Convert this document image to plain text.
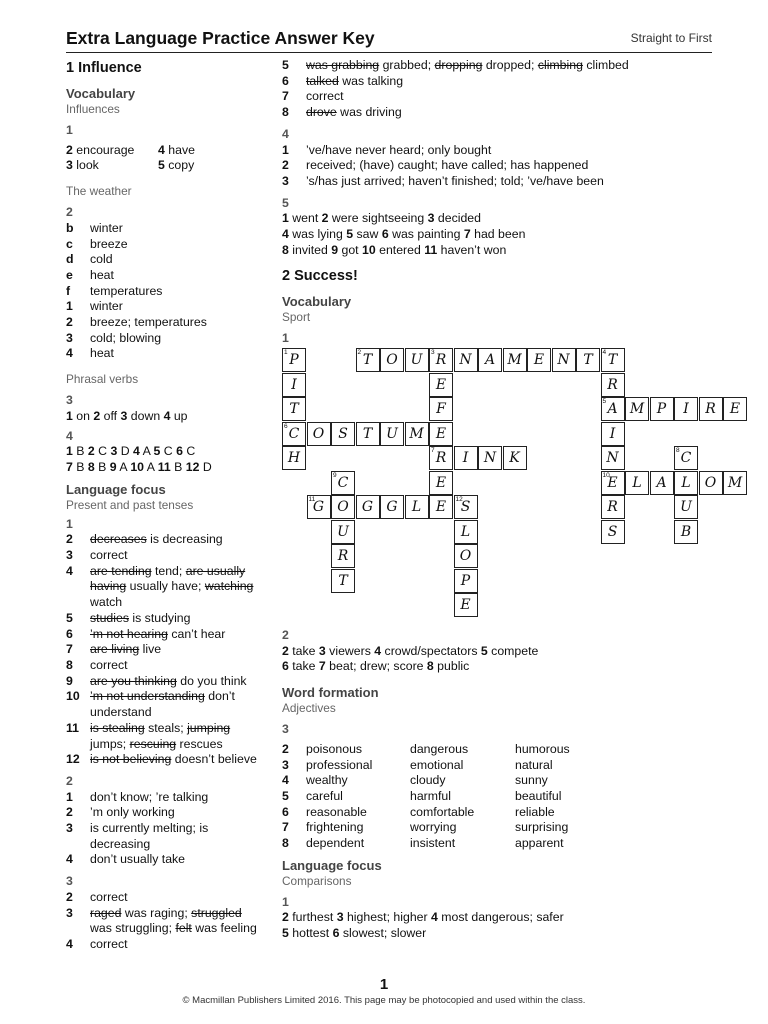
Extra Language Practice Answer Key	Straight to First
1 Influence
Vocabulary
Influences
1
2 encourage	4 have
3 look	5 copy
The weather
2
b	winter
c	breeze
d	cold
e	heat
f	temperatures
1	winter
2	breeze; temperatures
3	cold; blowing
4	heat
Phrasal verbs
3
1 on 2 off 3 down 4 up
4
1 B 2 C 3 D 4 A 5 C 6 C
7 B 8 B 9 A 10 A 11 B 12 D
Language focus
Present and past tenses
1
2	decreases is decreasing
3	correct
4	are tending tend; are usually having usually have; watching watch
5	studies is studying
6	’m not hearing can’t hear
7	are living live
8	correct
9	are you thinking do you think
10 ’m not understanding don’t understand
11 is stealing steals; jumping jumps; rescuing rescues
12 is not believing doesn’t believe
2
1	don’t know; ’re talking
2	’m only working
3	is currently melting; is decreasing
4	don’t usually take
3
2	correct
3	raged was raging; struggled was struggling; felt was feeling
4	correct
5	was grabbing grabbed; dropping dropped; climbing climbed
6	talked was talking
7	correct
8	drove was driving
4
1	’ve/have never heard; only bought
2	received; (have) caught; have called; has happened
3	’s/has just arrived; haven’t finished; told; ’ve/have been
5
1 went 2 were sightseeing 3 decided
4 was lying 5 saw 6 was painting 7 had been
8 invited 9 got 10 entered 11 haven’t won
2 Success!
Vocabulary
Sport
1
1 P
I
T
6 C
H
2 T	O U	3 R N A M E N T
E
F
E
7 R
E
E
4 T
R
5 A
I
N
10
E
R
S
M P	I	R	E
O S	T U M
I	N K	8 C
L
U
B
9 C
O
U
R
T
L	A	O M
11
G	G G	L	12
S
L
O
P
E
2
2 take 3 viewers 4 crowd/spectators 5 compete
6 take 7 beat; drew; score 8 public
Word formation
Adjectives
3
2	poisonous	dangerous	humorous
3	professional	emotional	natural
4	wealthy	cloudy	sunny
5	careful	harmful	beautiful
6	reasonable	comfortable	reliable
7	frightening	worrying	surprising
8	dependent	insistent	apparent
Language focus
Comparisons
1
2 furthest 3 highest; higher 4 most dangerous; safer
5 hottest 6 slowest; slower
1
© Macmillan Publishers Limited 2016. This page may be photocopied and used within the class.
